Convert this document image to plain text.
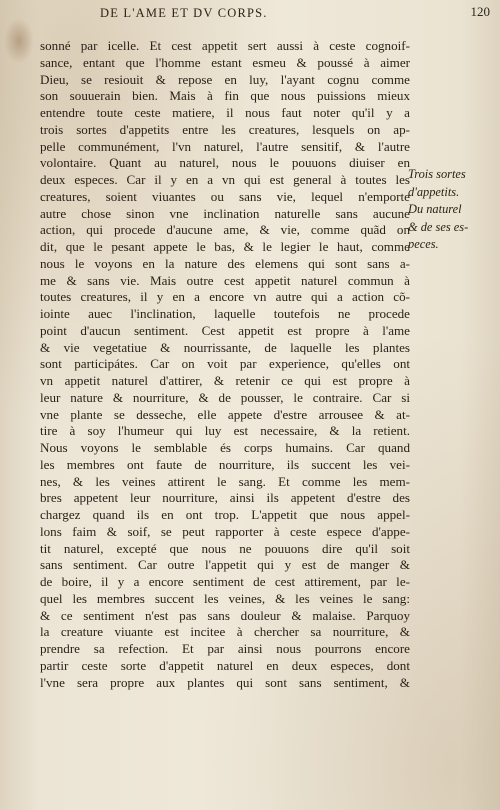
DE L'AME ET DV CORPS.	120
sonné par icelle. Et cest appetit sert aussi à ceste cognoif-
sance, entant que l'homme estant esmeu & poussé à aimer
Dieu, se resiouit & repose en luy, l'ayant cognu comme
son souuerain bien. Mais à fin que nous puissions mieux
entendre toute ceste matiere, il nous faut noter qu'il y a
trois sortes d'appetits entre les creatures, lesquels on ap-
pelle communément, l'vn naturel, l'autre sensitif, & l'autre
volontaire. Quant au naturel, nous le pouuons diuiser en
deux especes. Car il y en a vn qui est general à toutes les
creatures, soient viuantes ou sans vie, lequel n'emporte
autre chose sinon vne inclination naturelle sans aucune
action, qui procede d'aucune ame, & vie, comme quãd on
dit, que le pesant appete le bas, & le legier le haut, comme
nous le voyons en la nature des elemens qui sont sans a-
me & sans vie. Mais outre cest appetit naturel commun à
toutes creatures, il y en a encore vn autre qui a action cõ-
iointe auec l'inclination, laquelle toutefois ne procede
point d'aucun sentiment. Cest appetit est propre à l'ame
& vie vegetatiue & nourrissante, de laquelle les plantes
sont participátes. Car on voit par experience, qu'elles ont
vn appetit naturel d'attirer, & retenir ce qui est propre à
leur nature & nourriture, & de pousser, le contraire. Car si
vne plante se desseche, elle appete d'estre arrousee & at-
tire à soy l'humeur qui luy est necessaire, & la retient.
Nous voyons le semblable és corps humains. Car quand
les membres ont faute de nourriture, ils succent les vei-
nes, & les veines attirent le sang. Et comme les mem-
bres appetent leur nourriture, ainsi ils appetent d'estre des
chargez quand ils en ont trop. L'appetit que nous appel-
lons faim & soif, se peut rapporter à ceste espece d'appe-
tit naturel, excepté que nous ne pouuons dire qu'il soit
sans sentiment. Car outre l'appetit qui y est de manger &
de boire, il y a encore sentiment de cest attirement, par le-
quel les membres succent les veines, & les veines le sang:
& ce sentiment n'est pas sans douleur & malaise. Parquoy
la creature viuante est incitee à chercher sa nourriture, &
prendre sa refection. Et par ainsi nous pourrons encore
partir ceste sorte d'appetit naturel en deux especes, dont
l'vne sera propre aux plantes qui sont sans sentiment, &
Trois sortes
d'appetits.
Du naturel
& de ses es-
peces.
